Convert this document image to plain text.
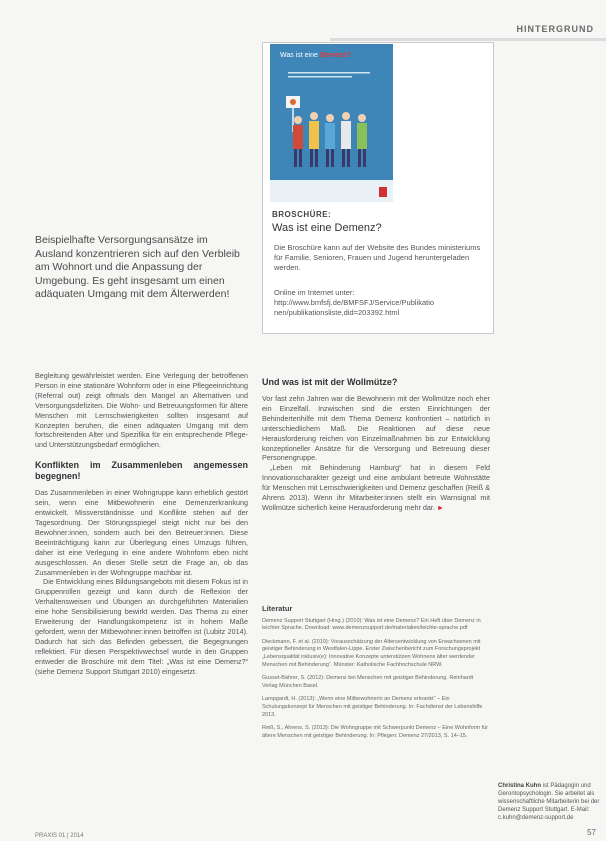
HINTERGRUND
Was ist eine Demenz?
BROSCHÜRE:
Was ist eine Demenz?
Die Broschüre kann auf der Website des Bundes ministeriums für Familie, Senioren, Frauen und Jugend heruntergeladen werden.
Online im Internet unter: http://www.bmfsfj.de/BMFSFJ/Service/Publikatio nen/publikationsliste,did=203392.html
Beispielhafte Versorgungsansätze im Ausland konzentrieren sich auf den Verbleib am Wohnort und die Anpassung der Umgebung. Es geht insgesamt um einen adäquaten Umgang mit dem Älterwerden!

Begleitung gewährleistet werden. Eine Verlegung der betroffenen Person in eine stationäre Wohnform oder in eine Pflegeeinrichtung (Referral out) zeigt oftmals den Mangel an Alternativen und Versorgungsdefiziten. Die Wohn- und Betreuungsformen für ältere Menschen mit Lernschwierigkeiten sollten insgesamt auf Konzepten beruhen, die einen adäquaten Umgang mit dem fortschreitenden Alter und Spezifika für ein entsprechende Pflege- und Unterstützungsbedarf ermöglichen.

Konflikten im Zusammenleben angemessen begegnen!

Das Zusammenleben in einer Wohngruppe kann erheblich gestört sein, wenn eine Mitbewohnerin eine Demenzerkrankung entwickelt. Missverständnisse und Konflikte stehen auf der Tagesordnung. Der Störungsspiegel steigt nicht nur bei den Bewohner:innen, sondern auch bei den Betreuer:innen. Diese Beeinträchtigung kann zur Überlegung eines Umzugs führen, daher ist eine Verlegung in eine andere Wohnform eben nicht ausgeschlossen. An dieser Stelle setzt die Frage an, ob das Zusammenleben in der Wohngruppe machbar ist.

Die Entwicklung eines Bildungsangebots mit diesem Fokus ist in Gruppenrollen gezeigt und kann durch die Reflexion der Verhaltensweisen und Übungen an durchgeführten Materialien eine hohe Sensibilisierung bewirkt werden. Das Thema zu einer Erweiterung der Handlungskompetenz ist in hohem Maße gefordert, wenn der Mitbewohner:innen betroffen ist (Lubitz 2014). Dadurch hat sich das Befinden gebessert, die Begegnungen reflektiert. Für diesen Perspektivwechsel wurde in den Gruppen entweder die Broschüre mit dem Titel: „Was ist eine Demenz?“ (siehe Demenz Support Stuttgart 2010) eingesetzt.

Und was ist mit der Wollmütze?

Vor fast zehn Jahren war die Bewohnerin mit der Wollmütze noch eher ein Einzelfall. Inzwischen sind die ersten Einrichtungen der Behindertenhilfe mit dem Thema Demenz konfrontiert – natürlich in unterschiedlichem Maß. Die Reaktionen auf diese neue Herausforderung reichen von Einzelmaßnahmen bis zur Entwicklung konzeptioneller Ansätze für die Versorgung und Betreuung dieser Personengruppe.

„Leben mit Behinderung Hamburg“ hat in diesem Feld Innovationscharakter gezeigt und eine ambulant betreute Wohnstätte für Menschen mit Lernschwierigkeiten und Demenz geschaffen (Reiß & Ahrens 2013). Wenn ihr Mitarbeiter:innen stellt ein Warnsignal mit Wollmütze sicherlich keine Herausforderung mehr dar. ►

Literatur

Demenz Support Stuttgart (Hrsg.) (2010): Was ist eine Demenz? Ein Heft über Demenz in leichter Sprache. Download: www.demenzsupport.de/materialien/leichte-sprache.pdf

Dieckmann, F. et al. (2010): Vorausschätzung der Altersentwicklung von Erwachsenen mit geistiger Behinderung in Westfalen-Lippe. Erster Zwischenbericht zum Forschungsprojekt „Lebensqualität inklusiv(e): Innovative Konzepte unterstützen Wohnens älter werdender Menschen mit Behinderung“. Münster: Katholische Fachhochschule NRW.

Gusset-Bährer, S. (2012): Demenz bei Menschen mit geistiger Behinderung. Reinhardt Verlag München Basel.

Lampgardt, H. (2013): „Wenn eine Mitbewohnerin an Demenz erkrankt“ – Ein Schulungskonzept für Menschen mit geistiger Behinderung. In: Fachdienst der Lebenshilfe 2013.

Reiß, S., Ahrens, S. (2013): Die Wohngruppe mit Schwerpunkt Demenz – Eine Wohnform für ältere Menschen mit geistiger Behinderung. In: Pflegen: Demenz 27/2013, S. 14–15.

Christina Kuhn ist Pädagogin und Gerontopsychologin. Sie arbeitet als wissenschaftliche Mitarbeiterin bei der Demenz Support Stuttgart. E-Mail: c.kuhn@demenz-support.de
PRAXIS 01 | 2014	57
